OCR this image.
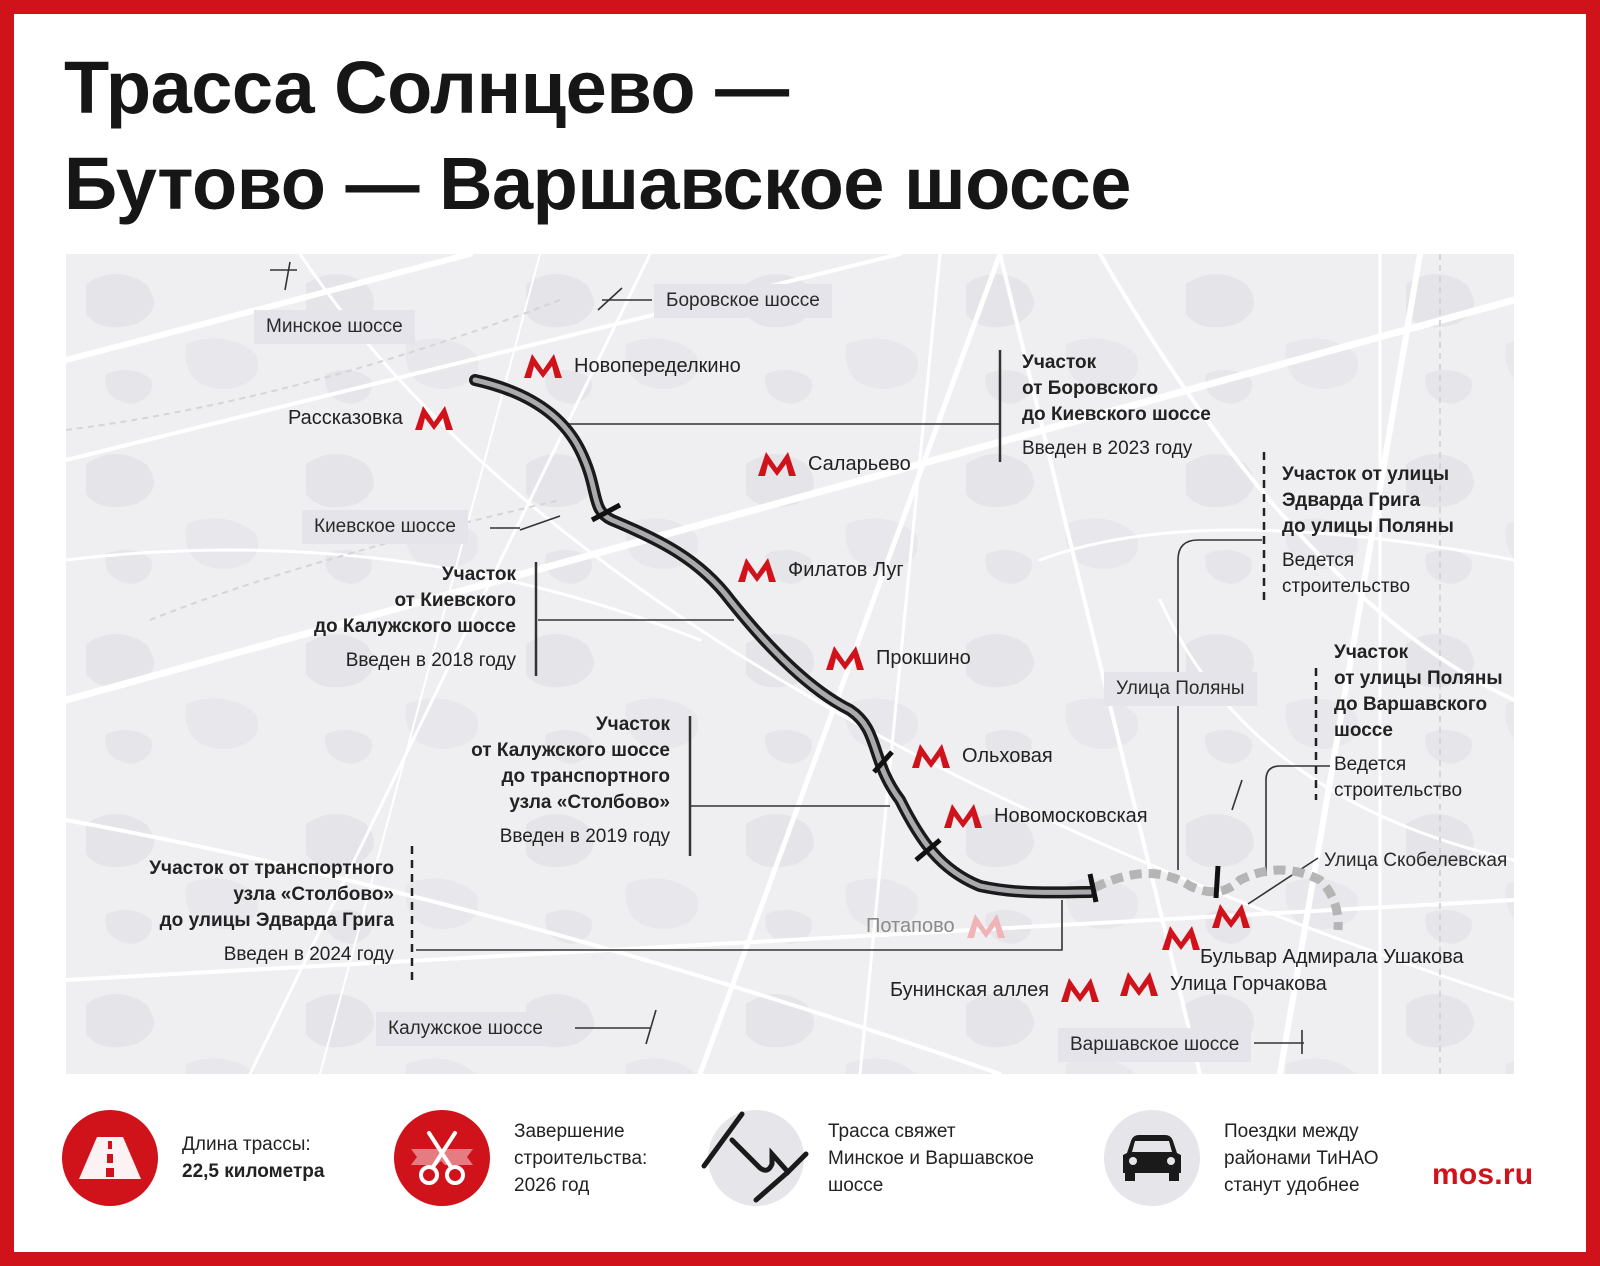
Трасса Солнцево —
Бутово — Варшавское шоссе
Боровское шоссе
Минское шоссе
Киевское шоссе
Калужское шоссе
Варшавское шоссе
Улица Поляны
Улица Скобелевская
Новопеределкино
Рассказовка
Саларьево
Филатов Луг
Прокшино
Ольховая
Новомосковская
Потапово
Бульвар Адмирала Ушакова
Улица Горчакова
Бунинская аллея
Участок
от Боровского
до Киевского шоссе
Введен в 2023 году
Участок
от Киевского
до Калужского шоссе
Введен в 2018 году
Участок
от Калужского шоссе
до транспортного
узла «Столбово»
Введен в 2019 году
Участок от транспортного
узла «Столбово»
до улицы Эдварда Грига
Введен в 2024 году
Участок от улицы
Эдварда Грига
до улицы Поляны
Ведется строительство
Участок
от улицы Поляны
до Варшавского
шоссе
Ведется строительство
Длина трассы:
22,5 километра
Завершение
строительства:
2026 год
Трасса свяжет
Минское и Варшавское
шоссе
Поездки между
районами ТиНАО
станут удобнее	mos.ru
